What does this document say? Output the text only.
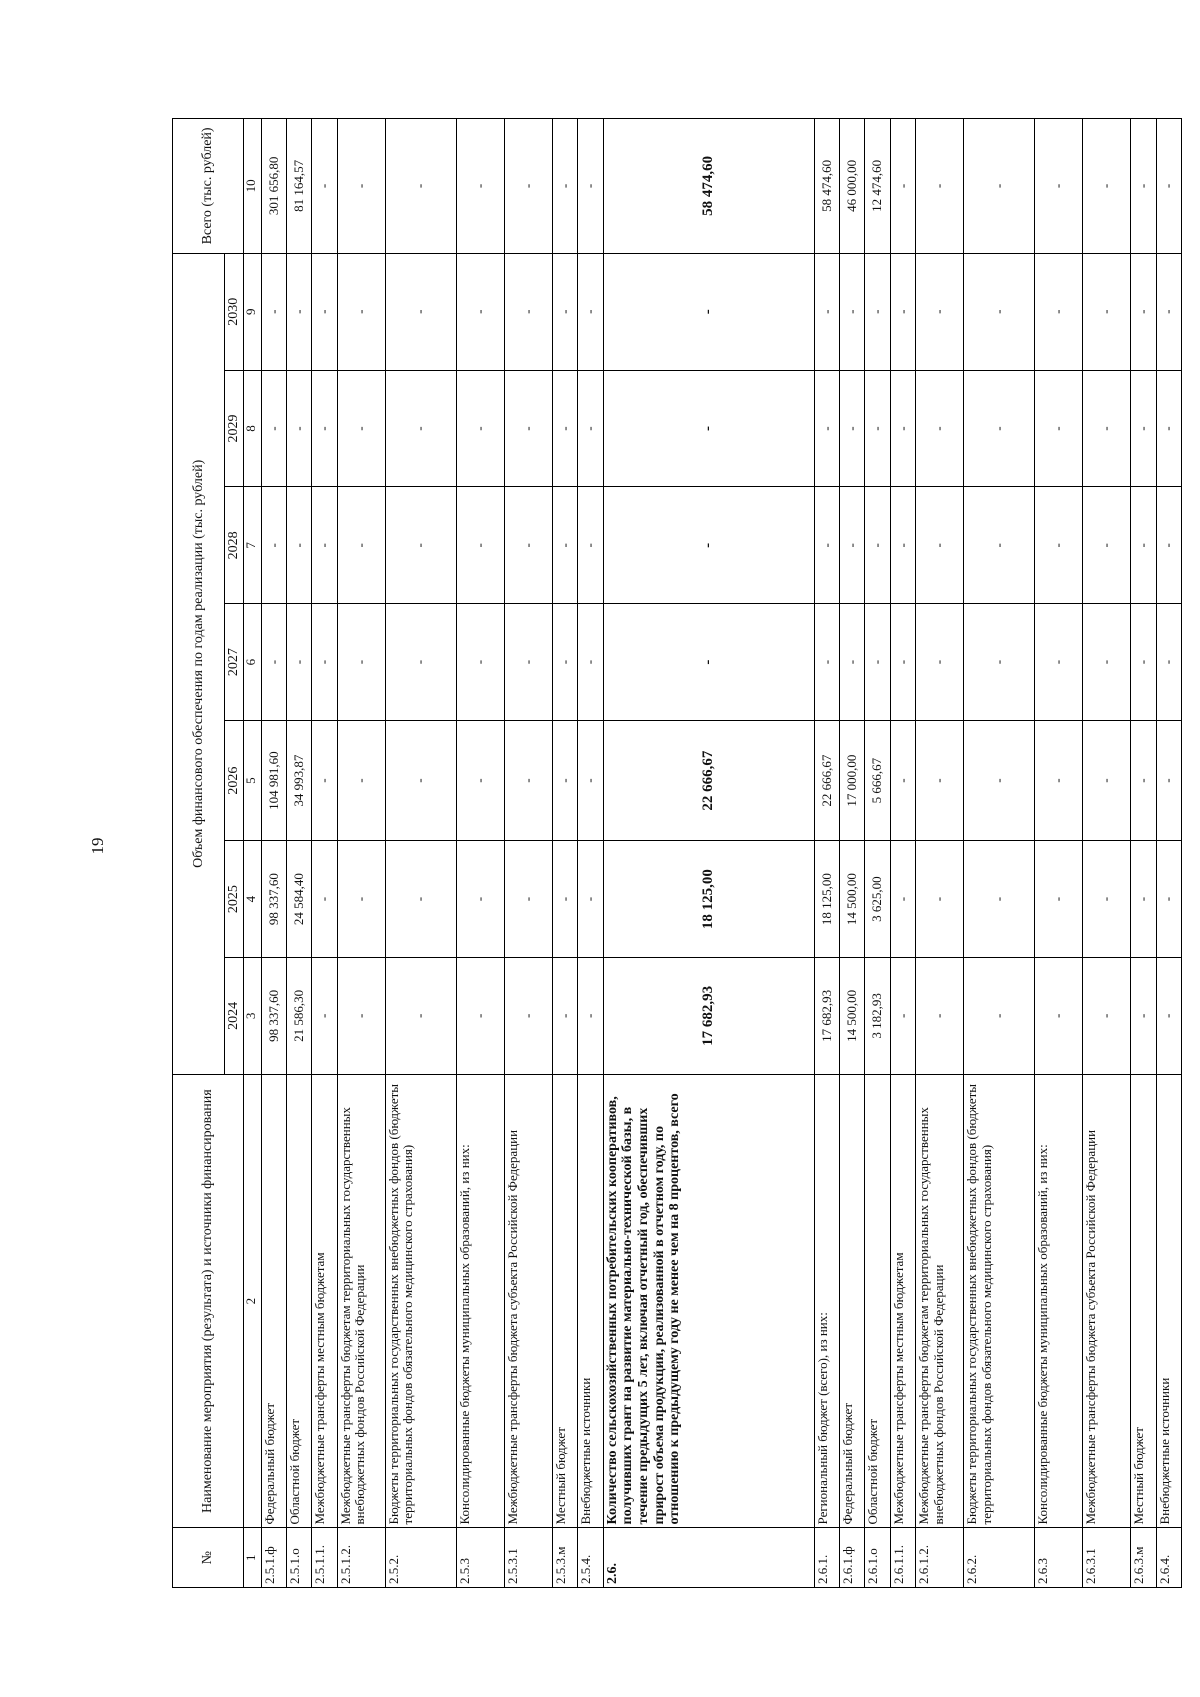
19
№	Наименование мероприятия (результата) и источники финансирования	Объем финансового обеспечения по годам реализации (тыс. рублей)							Всего (тыс. рублей)
		2024	2025	2026	2027	2028	2029	2030	
1	2	3	4	5	6	7	8	9	10
2.5.1.ф	Федеральный бюджет	98 337,60	98 337,60	104 981,60	-	-	-	-	301 656,80
2.5.1.о	Областной бюджет	21 586,30	24 584,40	34 993,87	-	-	-	-	81 164,57
2.5.1.1.	Межбюджетные трансферты местным бюджетам	-	-	-	-	-	-	-	-
2.5.1.2.	Межбюджетные трансферты бюджетам территориальных государственных внебюджетных фондов Российской Федерации	-	-	-	-	-	-	-	-
2.5.2.	Бюджеты территориальных государственных внебюджетных фондов (бюджеты территориальных фондов обязательного медицинского страхования)	-	-	-	-	-	-	-	-
2.5.3	Консолидированные бюджеты муниципальных образований, из них:	-	-	-	-	-	-	-	-
2.5.3.1	Межбюджетные трансферты бюджета субъекта Российской Федерации	-	-	-	-	-	-	-	-
2.5.3.м	Местный бюджет	-	-	-	-	-	-	-	-
2.5.4.	Внебюджетные источники	-	-	-	-	-	-	-	-
2.6.	Количество сельскохозяйственных потребительских кооперативов, получивших грант на развитие материально-технической базы, в течение предыдущих 5 лет, включая отчетный год, обеспечивших прирост объема продукции, реализованной в отчетном году, по отношению к предыдущему году не менее чем на 8 процентов, всего	17 682,93	18 125,00	22 666,67	-	-	-	-	58 474,60
2.6.1.	Региональный бюджет (всего), из них:	17 682,93	18 125,00	22 666,67	-	-	-	-	58 474,60
2.6.1.ф	Федеральный бюджет	14 500,00	14 500,00	17 000,00	-	-	-	-	46 000,00
2.6.1.о	Областной бюджет	3 182,93	3 625,00	5 666,67	-	-	-	-	12 474,60
2.6.1.1.	Межбюджетные трансферты местным бюджетам	-	-	-	-	-	-	-	-
2.6.1.2.	Межбюджетные трансферты бюджетам территориальных государственных внебюджетных фондов Российской Федерации	-	-	-	-	-	-	-	-
2.6.2.	Бюджеты территориальных государственных внебюджетных фондов (бюджеты территориальных фондов обязательного медицинского страхования)	-	-	-	-	-	-	-	-
2.6.3	Консолидированные бюджеты муниципальных образований, из них:	-	-	-	-	-	-	-	-
2.6.3.1	Межбюджетные трансферты бюджета субъекта Российской Федерации	-	-	-	-	-	-	-	-
2.6.3.м	Местный бюджет	-	-	-	-	-	-	-	-
2.6.4.	Внебюджетные источники	-	-	-	-	-	-	-	-
